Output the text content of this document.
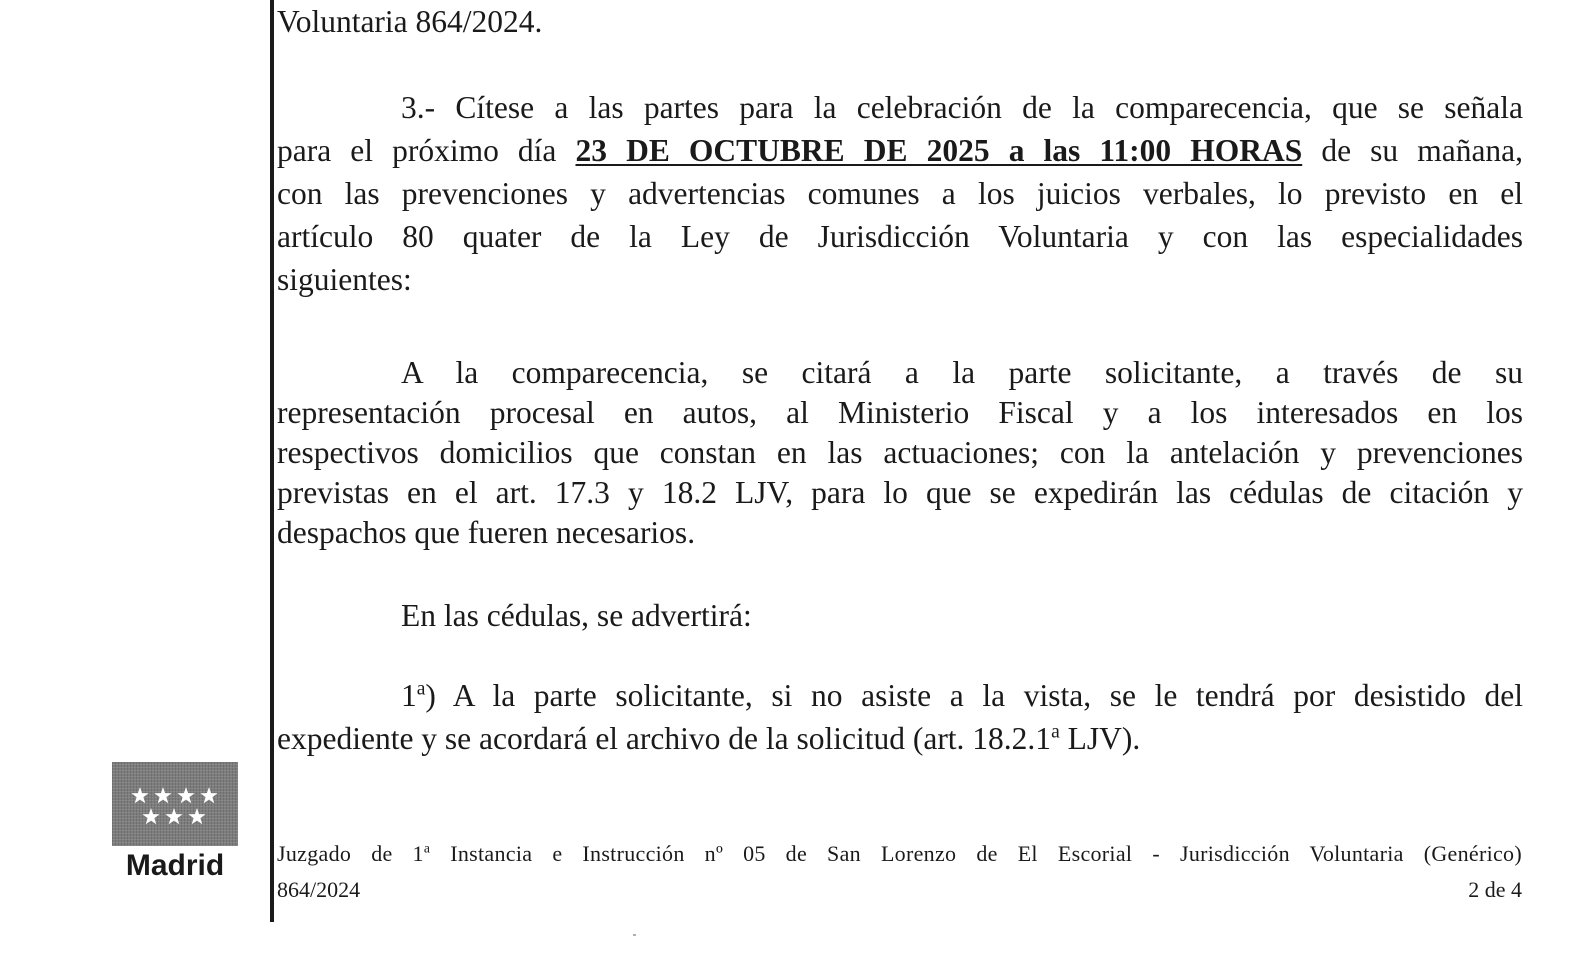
Voluntaria 864/2024.
3.- Cítese a las partes para la celebración de la comparecencia, que se señala
para el próximo día 23 DE OCTUBRE DE 2025 a las 11:00 HORAS de su mañana,
con las prevenciones y advertencias comunes a los juicios verbales, lo previsto en el
artículo 80 quater de la Ley de Jurisdicción Voluntaria y con las especialidades
siguientes:
A la comparecencia, se citará a la parte solicitante, a través de su
representación procesal en autos, al Ministerio Fiscal y a los interesados en los
respectivos domicilios que constan en las actuaciones; con la antelación y prevenciones
previstas en el art. 17.3 y 18.2 LJV, para lo que se expedirán las cédulas de citación y
despachos que fueren necesarios.
En las cédulas, se advertirá:
1$^a$) A la parte solicitante, si no asiste a la vista, se le tendrá por desistido del
expediente y se acordará el archivo de la solicitud (art. 18.2.1$^a$ LJV).
Madrid	Juzgado de 1$^a$ Instancia e Instrucción nº 05 de San Lorenzo de El Escorial - Jurisdicción Voluntaria (Genérico)
864/2024	2 de 4
